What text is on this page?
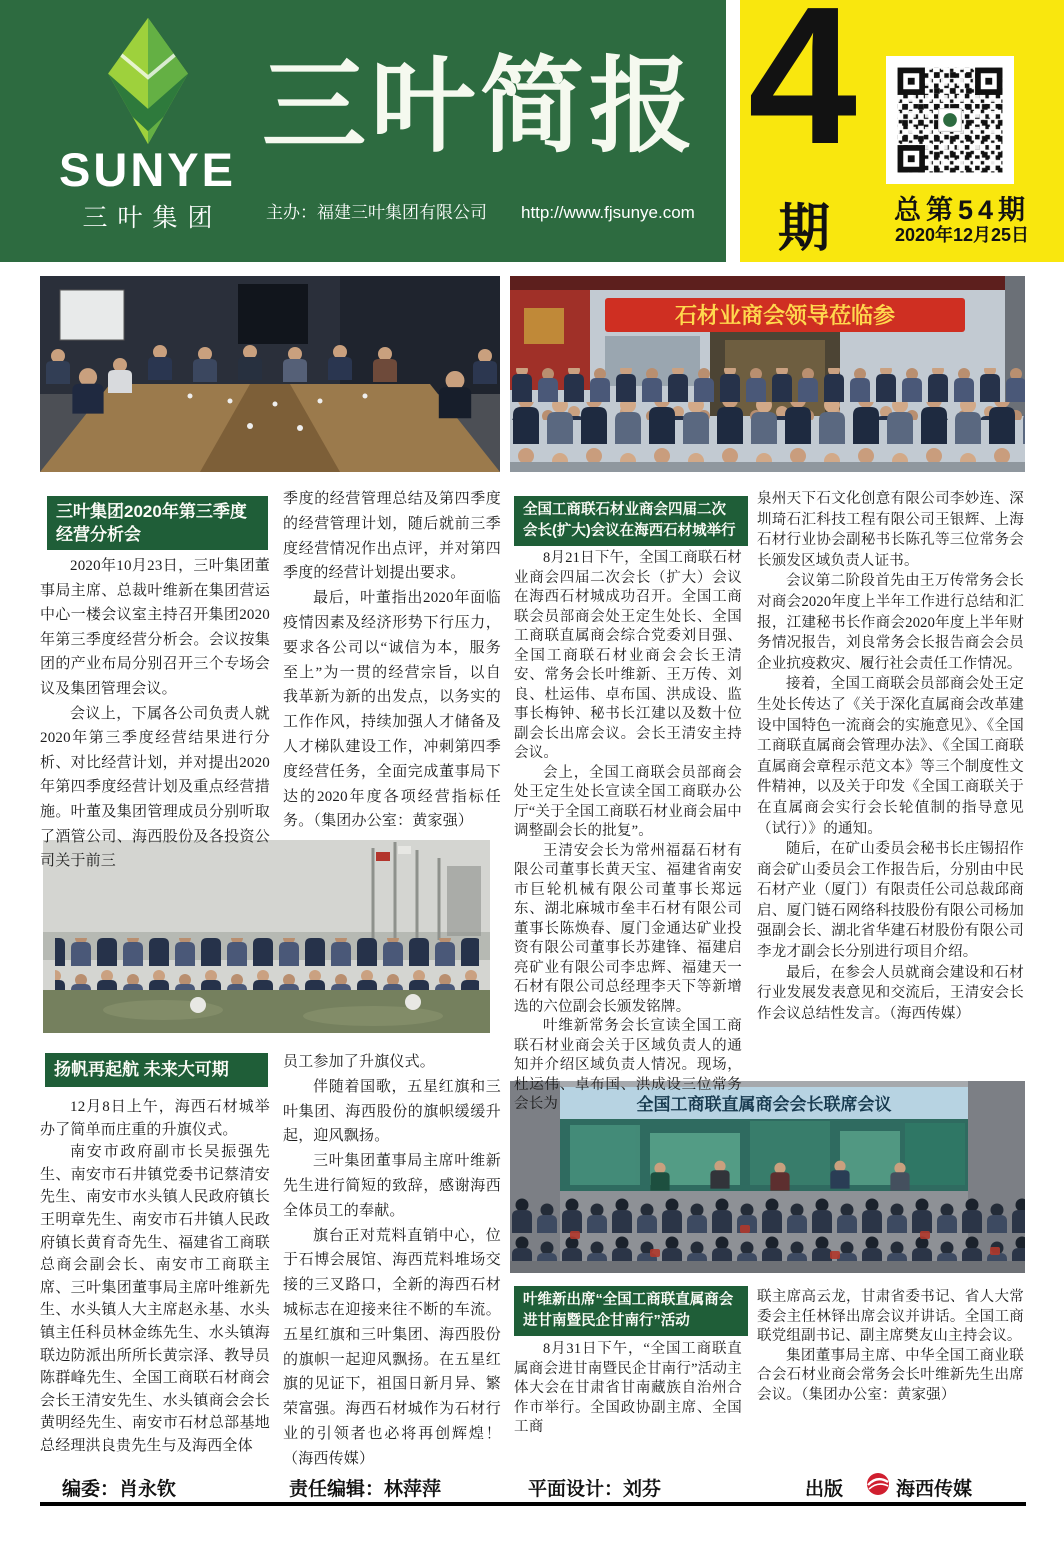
SUNYE
三叶集团
三叶简报
主办：福建三叶集团有限公司 http://www.fjsunye.com
4
期	总第54期
2020年12月25日
石材业商会领导莅临参
全国工商联直属商会会长联席会议
三叶集团2020年第三季度经营分析会
全国工商联石材业商会四届二次会长(扩大)会议在海西石材城举行
扬帆再起航 未来大可期
叶维新出席“全国工商联直属商会进甘南暨民企甘南行”活动

2020年10月23日，三叶集团董事局主席、总裁叶维新在集团营运中心一楼会议室主持召开集团2020年第三季度经营分析会。会议按集团的产业布局分别召开三个专场会议及集团管理会议。

会议上，下属各公司负责人就2020年第三季度经营结果进行分析、对比经营计划，并对提出2020年第四季度经营计划及重点经营措施。叶董及集团管理成员分别听取了酒管公司、海西股份及各投资公司关于前三

季度的经营管理总结及第四季度的经营管理计划，随后就前三季度经营情况作出点评，并对第四季度的经营计划提出要求。

最后，叶董指出2020年面临疫情因素及经济形势下行压力，要求各公司以“诚信为本，服务至上”为一贯的经营宗旨，以自我革新为新的出发点，以务实的工作作风，持续加强人才储备及人才梯队建设工作，冲刺第四季度经营任务，全面完成董事局下达的2020年度各项经营指标任务。（集团办公室：黄家强）

12月8日上午，海西石材城举办了简单而庄重的升旗仪式。

南安市政府副市长吴振强先生、南安市石井镇党委书记蔡清安先生、南安市水头镇人民政府镇长王明章先生、南安市石井镇人民政府镇长黄育奇先生、福建省工商联总商会副会长、南安市工商联主席、三叶集团董事局主席叶维新先生、水头镇人大主席赵永基、水头镇主任科员林金练先生、水头镇海联边防派出所所长黄宗泽、教导员陈群峰先生、全国工商联石材商会会长王清安先生、水头镇商会会长黄明经先生、南安市石材总部基地总经理洪良贵先生与及海西全体

员工参加了升旗仪式。

伴随着国歌，五星红旗和三叶集团、海西股份的旗帜缓缓升起，迎风飘扬。

三叶集团董事局主席叶维新先生进行简短的致辞，感谢海西全体员工的奉献。

旗台正对荒料直销中心，位于石博会展馆、海西荒料堆场交接的三叉路口，全新的海西石材城标志在迎接来往不断的车流。五星红旗和三叶集团、海西股份的旗帜一起迎风飘扬。在五星红旗的见证下，祖国日新月异、繁荣富强。海西石材城作为石材行业的引领者也必将再创辉煌！（海西传媒）

8月21日下午，全国工商联石材业商会四届二次会长（扩大）会议在海西石材城成功召开。全国工商联会员部商会处王定生处长、全国工商联直属商会综合党委刘目强、全国工商联石材业商会会长王清安、常务会长叶维新、王万传、刘良、杜运伟、卓布国、洪成设、监事长梅钟、秘书长江建以及数十位副会长出席会议。会长王清安主持会议。

会上，全国工商联会员部商会处王定生处长宣读全国工商联办公厅“关于全国工商联石材业商会届中调整副会长的批复”。

王清安会长为常州福磊石材有限公司董事长黄天宝、福建省南安市巨轮机械有限公司董事长郑远东、湖北麻城市垒丰石材有限公司董事长陈焕春、厦门金通达矿业投资有限公司董事长苏建锋、福建启亮矿业有限公司李忠辉、福建天一石材有限公司总经理李天下等新增选的六位副会长颁发铭牌。

叶维新常务会长宣读全国工商联石材业商会关于区域负责人的通知并介绍区域负责人情况。现场，杜运伟、卓布国、洪成设三位常务会长为

泉州天下石文化创意有限公司李妙连、深圳琦石汇科技工程有限公司王银辉、上海石材行业协会副秘书长陈孔等三位常务会长颁发区域负责人证书。

会议第二阶段首先由王万传常务会长对商会2020年度上半年工作进行总结和汇报，江建秘书长作商会2020年度上半年财务情况报告，刘良常务会长报告商会会员企业抗疫救灾、履行社会责任工作情况。

接着，全国工商联会员部商会处王定生处长传达了《关于深化直属商会改革建设中国特色一流商会的实施意见》、《全国工商联直属商会管理办法》、《全国工商联直属商会章程示范文本》等三个制度性文件精神，以及关于印发《全国工商联关于在直属商会实行会长轮值制的指导意见（试行）》的通知。

随后，在矿山委员会秘书长庄锡招作商会矿山委员会工作报告后，分别由中民石材产业（厦门）有限责任公司总裁邱商启、厦门链石网络科技股份有限公司杨加强副会长、湖北省华建石材股份有限公司李龙才副会长分别进行项目介绍。

最后，在参会人员就商会建设和石材行业发展发表意见和交流后，王清安会长作会议总结性发言。（海西传媒）

8月31日下午，“全国工商联直属商会进甘南暨民企甘南行”活动主体大会在甘肃省甘南藏族自治州合作市举行。全国政协副主席、全国工商

联主席高云龙，甘肃省委书记、省人大常委会主任林铎出席会议并讲话。全国工商联党组副书记、副主席樊友山主持会议。

集团董事局主席、中华全国工商业联合会石材业商会常务会长叶维新先生出席会议。（集团办公室：黄家强）

编委：肖永钦	责任编辑：林萍萍	平面设计：刘芬	出版	海西传媒
